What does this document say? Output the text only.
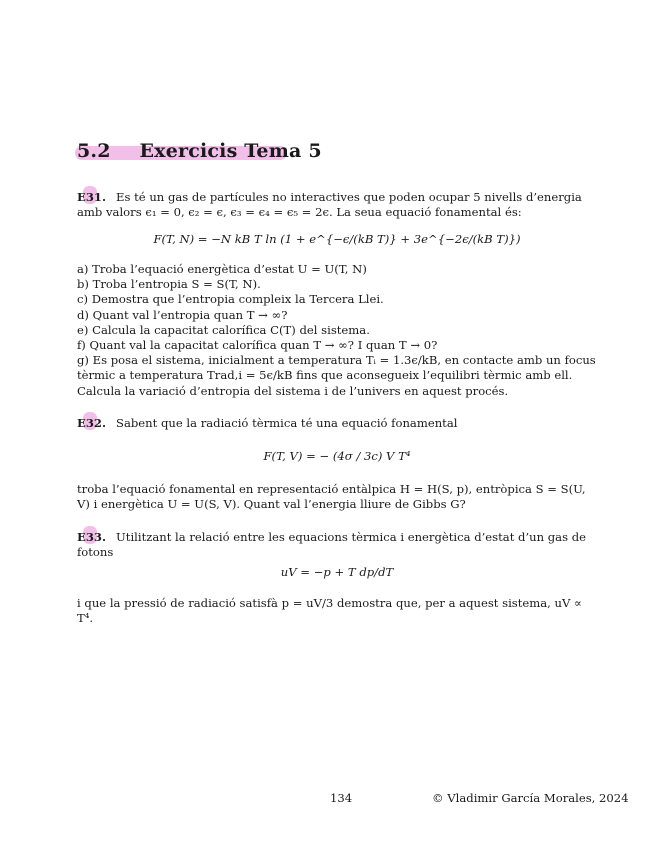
5.2 Exercicis Tema 5
E31. Es té un gas de partícules no interactives que poden ocupar 5 nivells d’energia amb valors ϵ₁ = 0, ϵ₂ = ϵ, ϵ₃ = ϵ₄ = ϵ₅ = 2ϵ. La seua equació fonamental és:
F(T, N) = −N kB T ln (1 + e^{−ϵ/(kB T)} + 3e^{−2ϵ/(kB T)})
a) Troba l’equació energètica d’estat U = U(T, N)
b) Troba l’entropia S = S(T, N).
c) Demostra que l’entropia compleix la Tercera Llei.
d) Quant val l’entropia quan T → ∞?
e) Calcula la capacitat calorífica C(T) del sistema.
f) Quant val la capacitat calorífica quan T → ∞? I quan T → 0?
g) Es posa el sistema, inicialment a temperatura Tᵢ = 1.3ϵ/kB, en contacte amb un focus tèrmic a temperatura Trad,i = 5ϵ/kB fins que aconsegueix l’equilibri tèrmic amb ell. Calcula la variació d’entropia del sistema i de l’univers en aquest procés.
E32. Sabent que la radiació tèrmica té una equació fonamental
F(T, V) = − (4σ / 3c) V T⁴
troba l’equació fonamental en representació entàlpica H = H(S, p), entròpica S = S(U, V) i energètica U = U(S, V). Quant val l’energia lliure de Gibbs G?
E33. Utilitzant la relació entre les equacions tèrmica i energètica d’estat d’un gas de fotons
uV = −p + T dp/dT
i que la pressió de radiació satisfà p = uV/3 demostra que, per a aquest sistema, uV ∝ T⁴.
134	© Vladimir García Morales, 2024
